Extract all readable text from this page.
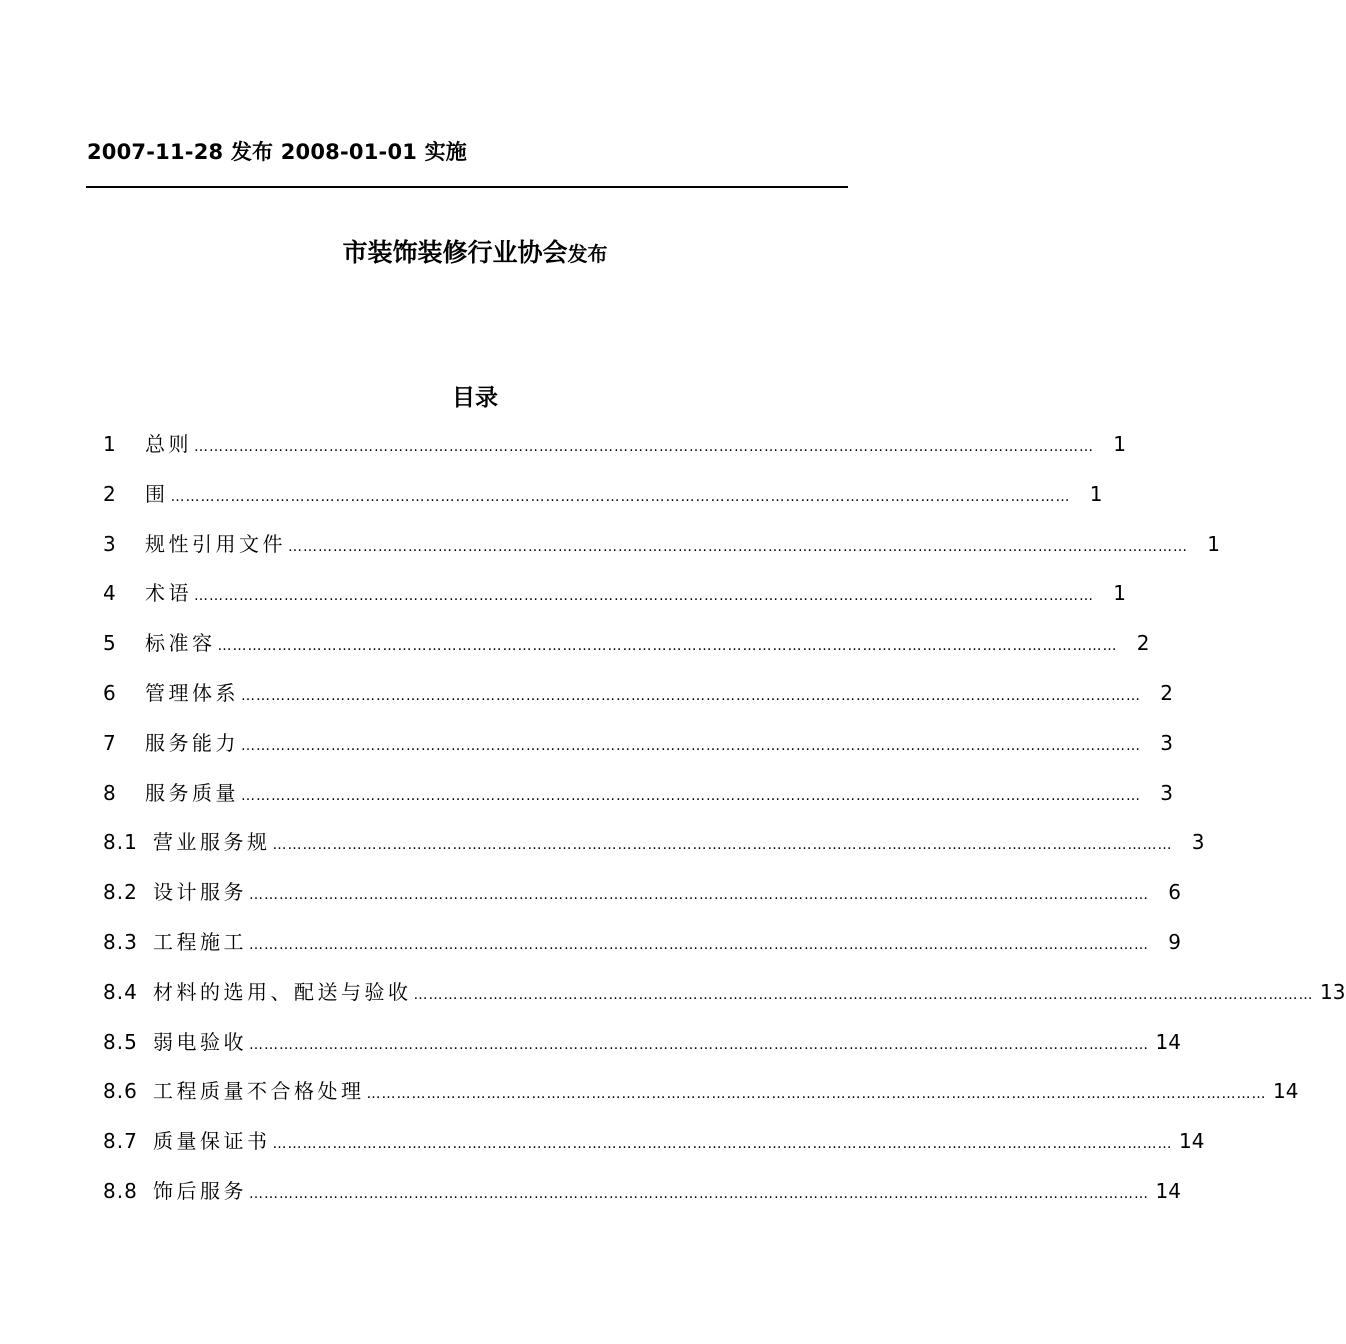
2007-11-28 发布 2008-01-01 实施
市装饰装修行业协会发布
目录
1	总则 ……………………………………………………………………………………………………………………………………………………………… 1
2	围 ……………………………………………………………………………………………………………………………………………………………… 1
3	规性引用文件 ……………………………………………………………………………………………………………………………………………………………… 1
4	术语 ……………………………………………………………………………………………………………………………………………………………… 1
5	标准容 ……………………………………………………………………………………………………………………………………………………………… 2
6	管理体系 ……………………………………………………………………………………………………………………………………………………………… 2
7	服务能力 ……………………………………………………………………………………………………………………………………………………………… 3
8	服务质量 ……………………………………………………………………………………………………………………………………………………………… 3
8.1 营业服务规 ……………………………………………………………………………………………………………………………………………………………… 3
8.2 设计服务 ……………………………………………………………………………………………………………………………………………………………… 6
8.3 工程施工 ……………………………………………………………………………………………………………………………………………………………… 9
8.4 材料的选用、配送与验收 ……………………………………………………………………………………………………………………………………………………………… 13
8.5 弱电验收 ……………………………………………………………………………………………………………………………………………………………… 14
8.6 工程质量不合格处理 ……………………………………………………………………………………………………………………………………………………………… 14
8.7 质量保证书 ……………………………………………………………………………………………………………………………………………………………… 14
8.8 饰后服务 ……………………………………………………………………………………………………………………………………………………………… 14
